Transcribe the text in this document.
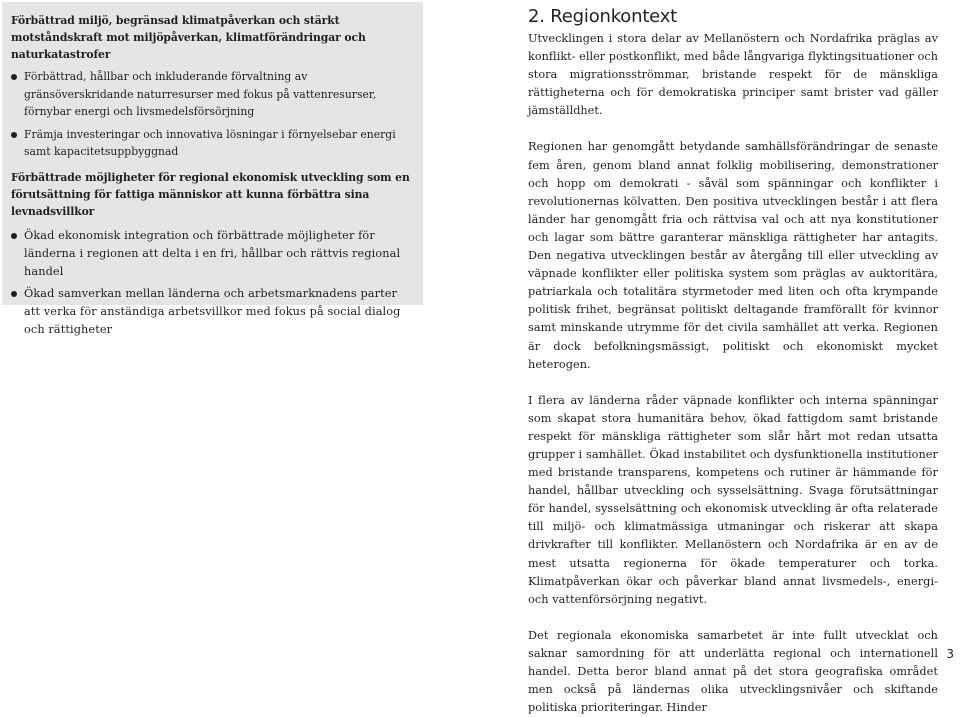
Förbättrad miljö, begränsad klimatpåverkan och stärkt motståndskraft mot miljöpåverkan, klimatförändringar och naturkatastrofer
Förbättrad, hållbar och inkluderande förvaltning av gränsöverskridande naturresurser med fokus på vattenresurser, förnybar energi och livsmedelsförsörjning
Främja investeringar och innovativa lösningar i förnyelsebar energi samt kapacitetsuppbyggnad
Förbättrade möjligheter för regional ekonomisk utveckling som en förutsättning för fattiga människor att kunna förbättra sina levnadsvillkor
Ökad ekonomisk integration och förbättrade möjligheter för länderna i regionen att delta i en fri, hållbar och rättvis regional handel
Ökad samverkan mellan länderna och arbetsmarknadens parter att verka för anständiga arbetsvillkor med fokus på social dialog och rättigheter
2. Regionkontext

Utvecklingen i stora delar av Mellanöstern och Nordafrika präglas av konflikt- eller postkonflikt, med både långvariga flyktingsituationer och stora migrationsströmmar, bristande respekt för de mänskliga rättigheterna och för demokratiska principer samt brister vad gäller jämställdhet.

Regionen har genomgått betydande samhällsförändringar de senaste fem åren, genom bland annat folklig mobilisering, demonstrationer och hopp om demokrati - såväl som spänningar och konflikter i revolutionernas kölvatten. Den positiva utvecklingen består i att flera länder har genomgått fria och rättvisa val och att nya konstitutioner och lagar som bättre garanterar mänskliga rättigheter har antagits. Den negativa utvecklingen består av återgång till eller utveckling av väpnade konflikter eller politiska system som präglas av auktoritära, patriarkala och totalitära styrmetoder med liten och ofta krympande politisk frihet, begränsat politiskt deltagande framförallt för kvinnor samt minskande utrymme för det civila samhället att verka. Regionen är dock befolkningsmässigt, politiskt och ekonomiskt mycket heterogen.

I flera av länderna råder väpnade konflikter och interna spänningar som skapat stora humanitära behov, ökad fattigdom samt bristande respekt för mänskliga rättigheter som slår hårt mot redan utsatta grupper i samhället. Ökad instabilitet och dysfunktionella institutioner med bristande transparens, kompetens och rutiner är hämmande för handel, hållbar utveckling och sysselsättning. Svaga förutsättningar för handel, sysselsättning och ekonomisk utveckling är ofta relaterade till miljö- och klimatmässiga utmaningar och riskerar att skapa drivkrafter till konflikter. Mellanöstern och Nordafrika är en av de mest utsatta regionerna för ökade temperaturer och torka. Klimatpåverkan ökar och påverkar bland annat livsmedels-, energi- och vattenförsörjning negativt.

Det regionala ekonomiska samarbetet är inte fullt utvecklat och saknar samordning för att underlätta regional och internationell handel. Detta beror bland annat på det stora geografiska området men också på ländernas olika utvecklingsnivåer och skiftande politiska prioriteringar. Hinder

3
